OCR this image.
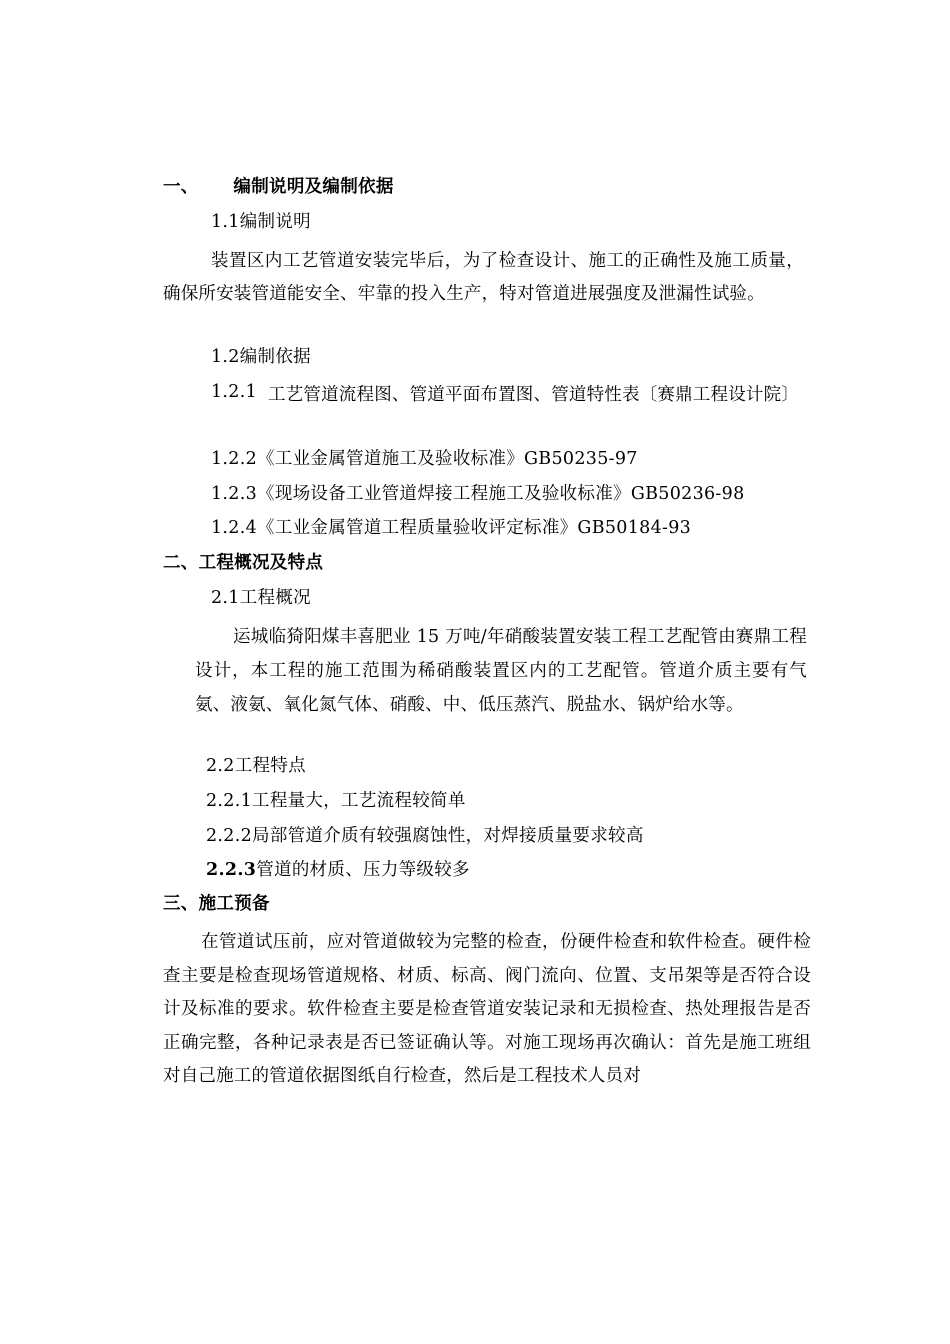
一、 编制说明及编制依据
1.1编制说明
装置区内工艺管道安装完毕后，为了检查设计、施工的正确性及施工质量，确保所安装管道能安全、牢靠的投入生产，特对管道进展强度及泄漏性试验。
1.2编制依据
1.2.1 工艺管道流程图、管道平面布置图、管道特性表〔赛鼎工程设计院〕
1.2.2《工业金属管道施工及验收标准》GB50235-97
1.2.3《现场设备工业管道焊接工程施工及验收标准》GB50236-98
1.2.4《工业金属管道工程质量验收评定标准》GB50184-93
二、工程概况及特点
2.1工程概况
运城临猗阳煤丰喜肥业 15 万吨/年硝酸装置安装工程工艺配管由赛鼎工程设计，本工程的施工范围为稀硝酸装置区内的工艺配管。管道介质主要有气氨、液氨、氧化氮气体、硝酸、中、低压蒸汽、脱盐水、锅炉给水等。
2.2工程特点
2.2.1工程量大，工艺流程较简单
2.2.2局部管道介质有较强腐蚀性，对焊接质量要求较高
2.2.3管道的材质、压力等级较多
三、施工预备
在管道试压前，应对管道做较为完整的检查，份硬件检查和软件检查。硬件检查主要是检查现场管道规格、材质、标高、阀门流向、位置、支吊架等是否符合设计及标准的要求。软件检查主要是检查管道安装记录和无损检查、热处理报告是否正确完整，各种记录表是否已签证确认等。对施工现场再次确认：首先是施工班组对自己施工的管道依据图纸自行检查，然后是工程技术人员对
